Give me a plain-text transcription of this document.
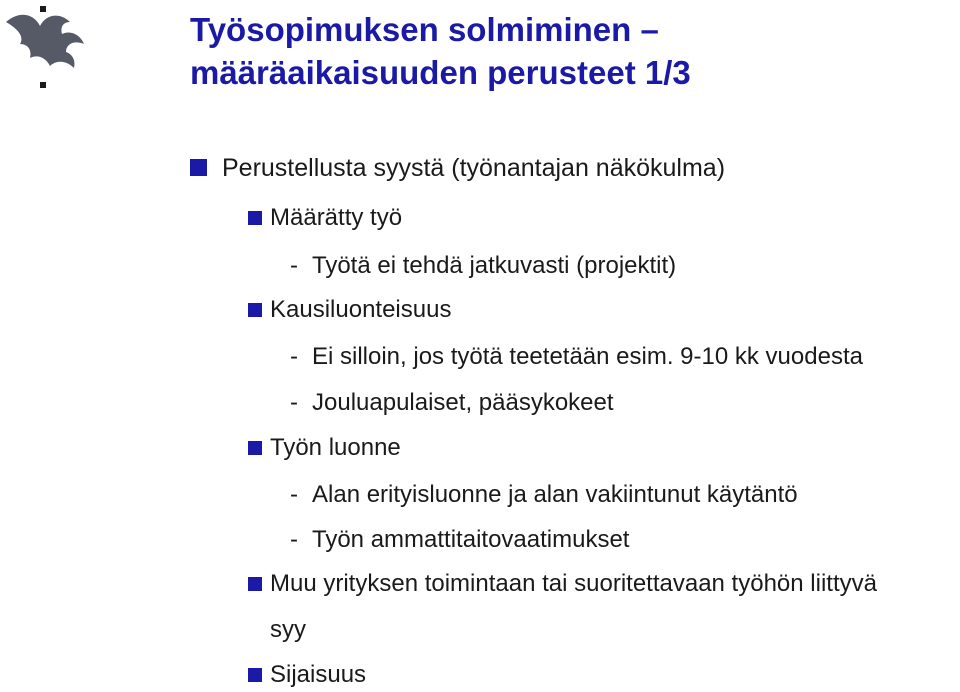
Työsopimuksen solmiminen –
määräaikaisuuden perusteet 1/3
Perustellusta syystä (työnantajan näkökulma)
Määrätty työ
- Työtä ei tehdä jatkuvasti (projektit)
Kausiluonteisuus
- Ei silloin, jos työtä teetetään esim. 9-10 kk vuodesta
- Jouluapulaiset, pääsykokeet
Työn luonne
- Alan erityisluonne ja alan vakiintunut käytäntö
- Työn ammattitaitovaatimukset
Muu yrityksen toimintaan tai suoritettavaan työhön liittyvä
syy
Sijaisuus
